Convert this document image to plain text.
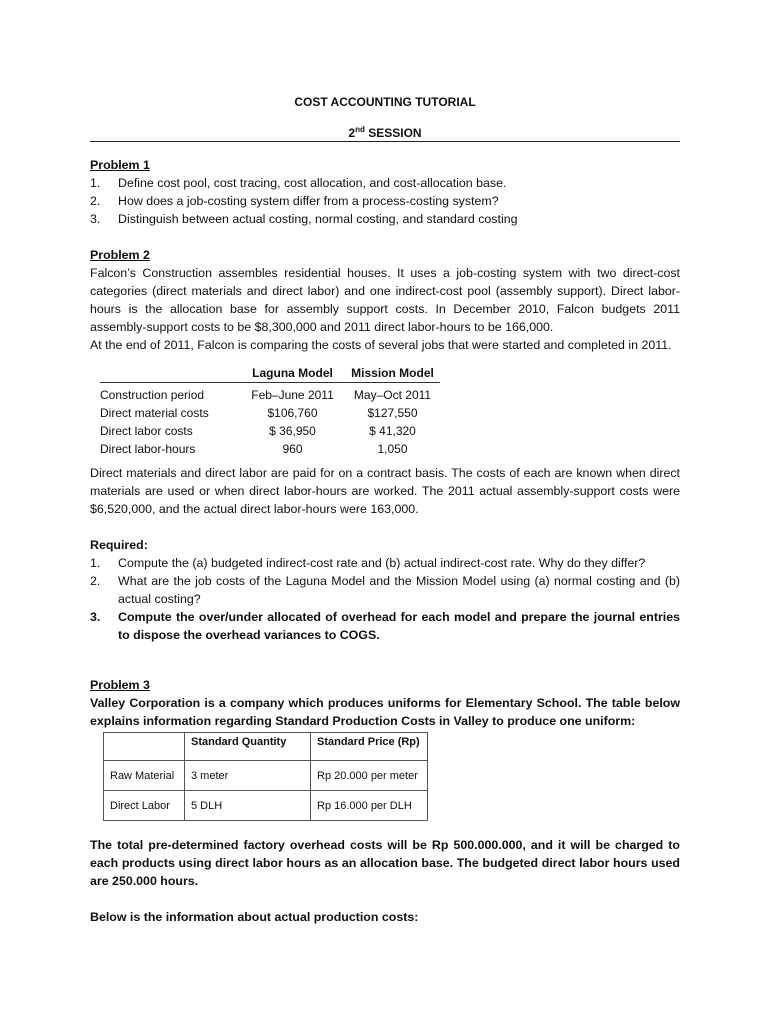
COST ACCOUNTING TUTORIAL
2nd SESSION
Problem 1
1. Define cost pool, cost tracing, cost allocation, and cost-allocation base.
2. How does a job-costing system differ from a process-costing system?
3. Distinguish between actual costing, normal costing, and standard costing
Problem 2
Falcon’s Construction assembles residential houses. It uses a job-costing system with two direct-cost categories (direct materials and direct labor) and one indirect-cost pool (assembly support). Direct labor-hours is the allocation base for assembly support costs. In December 2010, Falcon budgets 2011 assembly-support costs to be $8,300,000 and 2011 direct labor-hours to be 166,000.
At the end of 2011, Falcon is comparing the costs of several jobs that were started and completed in 2011.
	Laguna Model	Mission Model
Construction period	Feb–June 2011	May–Oct 2011
Direct material costs	$106,760	$127,550
Direct labor costs	$ 36,950	$ 41,320
Direct labor-hours	960	1,050
Direct materials and direct labor are paid for on a contract basis. The costs of each are known when direct materials are used or when direct labor-hours are worked. The 2011 actual assembly-support costs were $6,520,000, and the actual direct labor-hours were 163,000.
Required:
1. Compute the (a) budgeted indirect-cost rate and (b) actual indirect-cost rate. Why do they differ?
2. What are the job costs of the Laguna Model and the Mission Model using (a) normal costing and (b) actual costing?
3. Compute the over/under allocated of overhead for each model and prepare the journal entries to dispose the overhead variances to COGS.
Problem 3
Valley Corporation is a company which produces uniforms for Elementary School. The table below explains information regarding Standard Production Costs in Valley to produce one uniform:
	Standard Quantity	Standard Price (Rp)
Raw Material	3 meter	Rp 20.000 per meter
Direct Labor	5 DLH	Rp 16.000 per DLH
The total pre-determined factory overhead costs will be Rp 500.000.000, and it will be charged to each products using direct labor hours as an allocation base. The budgeted direct labor hours used are 250.000 hours.
Below is the information about actual production costs:
